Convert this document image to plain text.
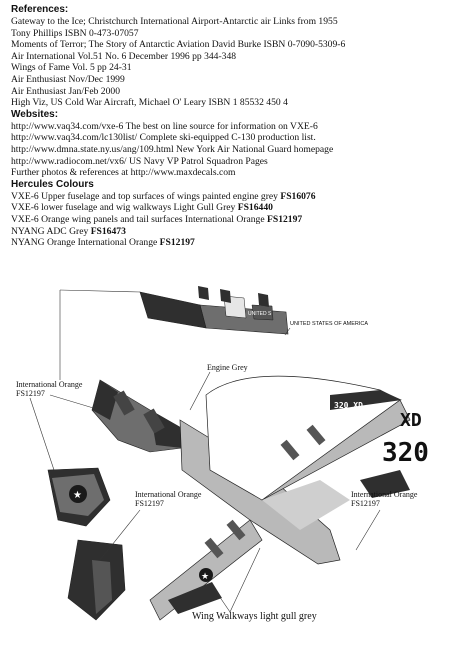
References:
Gateway to the Ice; Christchurch International Airport-Antarctic air Links from 1955
Tony Phillips ISBN 0-473-07057
Moments of Terror; The Story of Antarctic Aviation David Burke ISBN 0-7090-5309-6
Air International Vol.51 No. 6 December 1996 pp 344-348
Wings of Fame Vol. 5 pp 24-31
Air Enthusiast Nov/Dec 1999
Air Enthusiast Jan/Feb 2000
High Viz, US Cold War Aircraft, Michael O' Leary ISBN 1 85532 450 4
Websites:
http://www.vaq34.com/vxe-6 The best on line source for information on VXE-6
http://www.vaq34.com/lc130list/ Complete ski-equipped C-130 production list.
http://www.dmna.state.ny.us/ang/109.html New York Air National Guard homepage
http://www.radiocom.net/vx6/ US Navy VP Patrol Squadron Pages
Further photos & references at http://www.maxdecals.com
Hercules Colours
VXE-6 Upper fuselage and top surfaces of wings painted engine grey FS16076
VXE-6 lower fuselage and wig walkways Light Gull Grey FS16440
VXE-6 Orange wing panels and tail surfaces International Orange FS12197
NYANG ADC Grey FS16473
NYANG Orange International Orange FS12197
UNITED S
★
320 XD
★
UNITED STATES OF AMERICA
International Orange
FS12197
Engine Grey
International Orange
FS12197
International Orange
FS12197
Wing Walkways light gull grey
XD
320
